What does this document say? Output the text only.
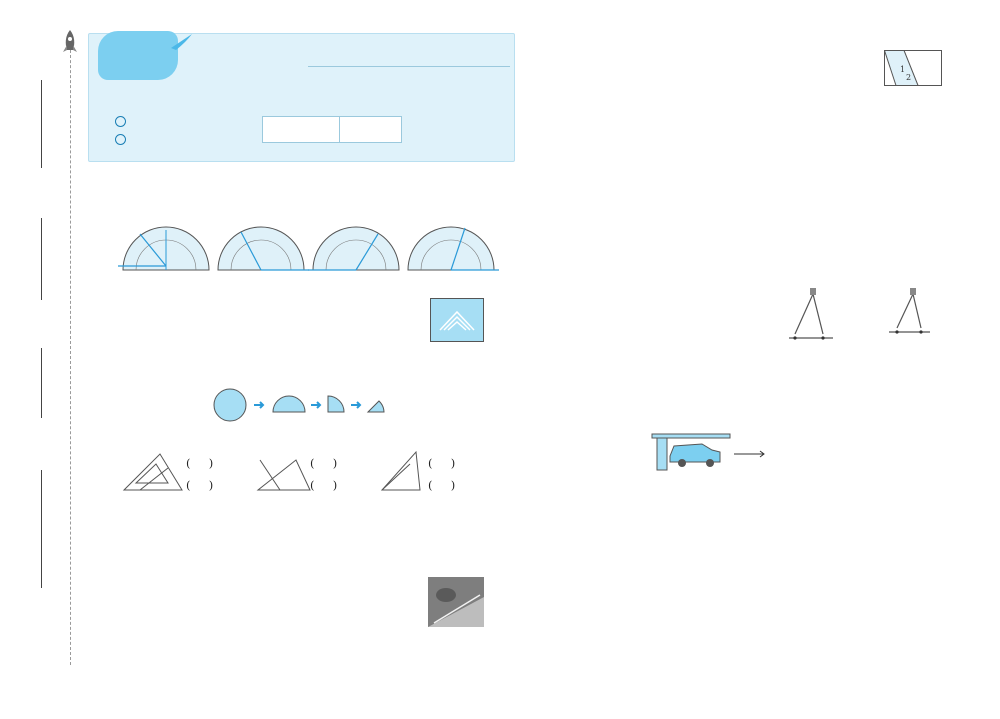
(     )
(     )
(     )
(     )
(     )
(     )
1
2
